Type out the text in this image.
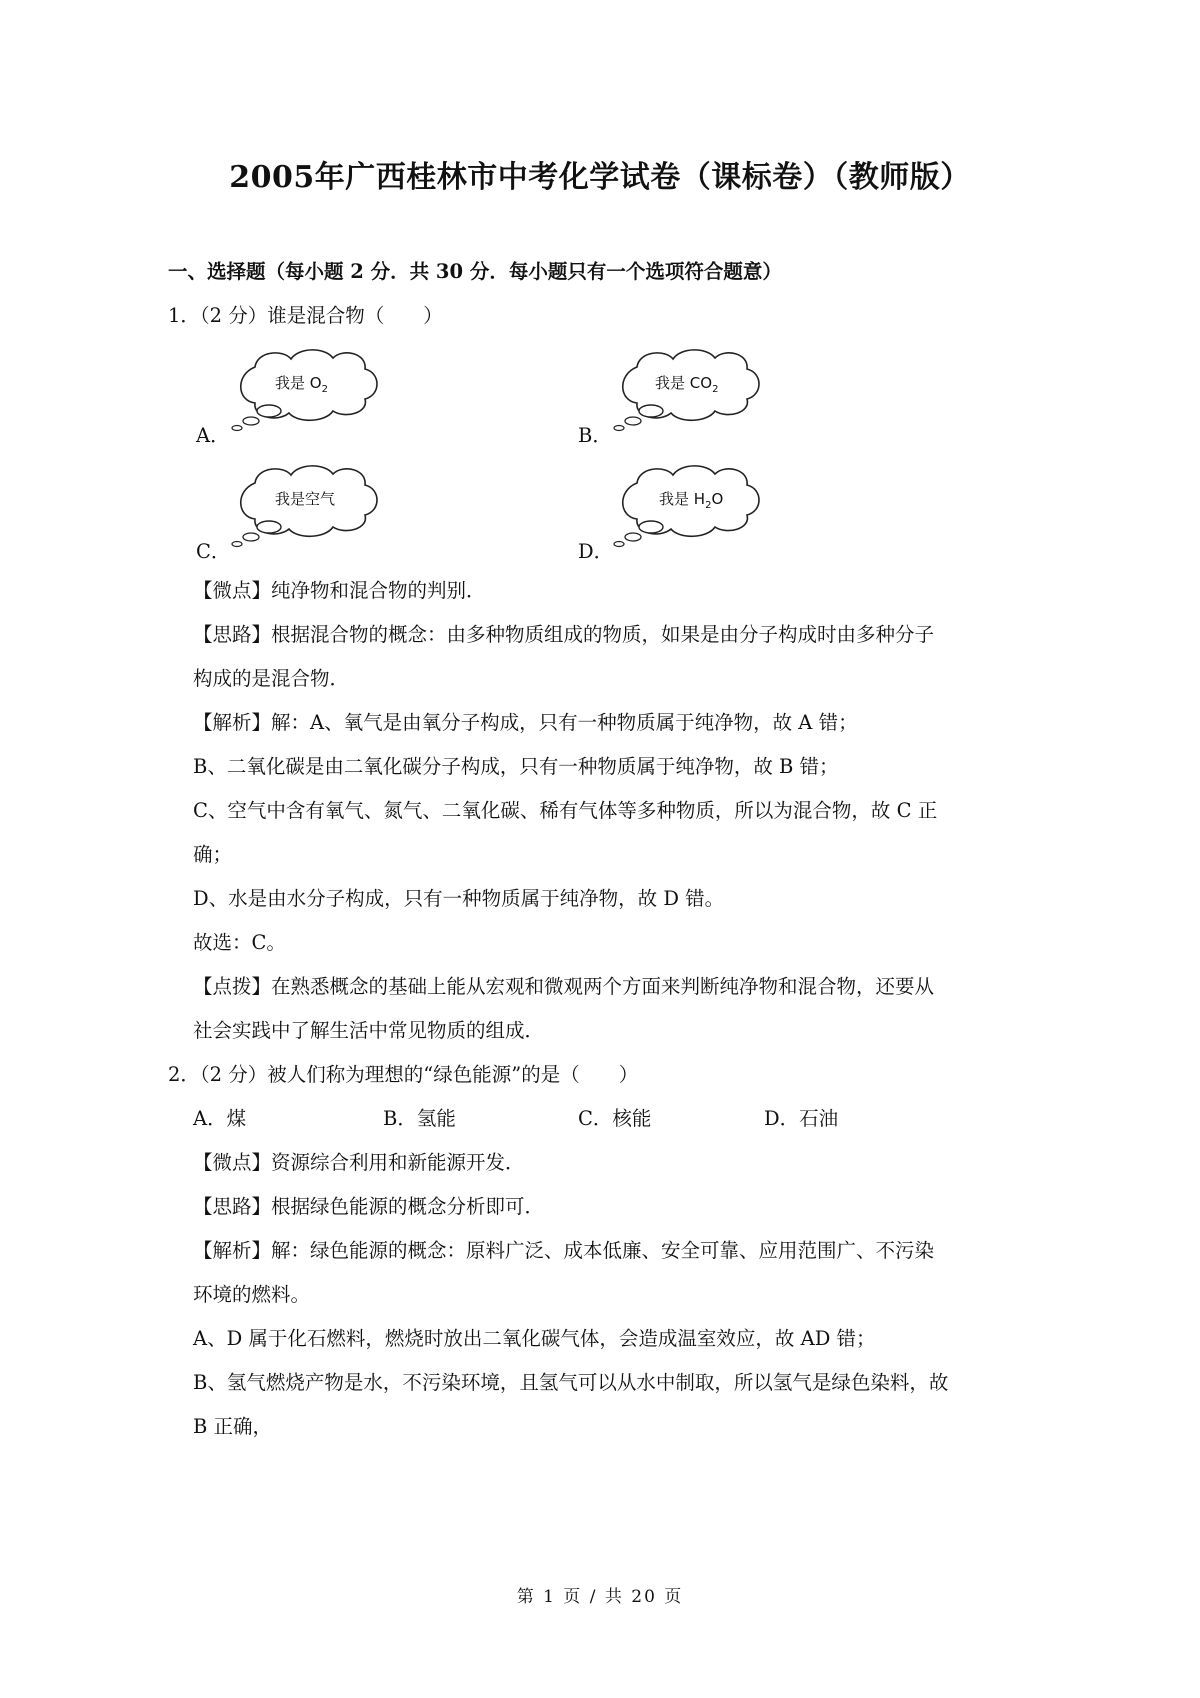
2005年广西桂林市中考化学试卷（课标卷）（教师版）
一、选择题（每小题 2 分．共 30 分．每小题只有一个选项符合题意）
1．（2 分）谁是混合物（　　）
A．	B．
C．	D．
我是 $O_2$	我是 $CO_2$
我是空气	我是 $H_2O$
【微点】纯净物和混合物的判别．
【思路】根据混合物的概念：由多种物质组成的物质，如果是由分子构成时由多种分子
构成的是混合物．
【解析】解：A、氧气是由氧分子构成，只有一种物质属于纯净物，故 A 错；
B、二氧化碳是由二氧化碳分子构成，只有一种物质属于纯净物，故 B 错；
C、空气中含有氧气、氮气、二氧化碳、稀有气体等多种物质，所以为混合物，故 C 正
确；
D、水是由水分子构成，只有一种物质属于纯净物，故 D 错。
故选：C。
【点拨】在熟悉概念的基础上能从宏观和微观两个方面来判断纯净物和混合物，还要从
社会实践中了解生活中常见物质的组成．
2．（2 分）被人们称为理想的“绿色能源”的是（　　）
A．煤	B．氢能	C．核能	D．石油
【微点】资源综合利用和新能源开发．
【思路】根据绿色能源的概念分析即可．
【解析】解：绿色能源的概念：原料广泛、成本低廉、安全可靠、应用范围广、不污染
环境的燃料。
A、D 属于化石燃料，燃烧时放出二氧化碳气体，会造成温室效应，故 AD 错；
B、氢气燃烧产物是水，不污染环境，且氢气可以从水中制取，所以氢气是绿色染料，故
B 正确，
第 1 页 / 共 20 页
